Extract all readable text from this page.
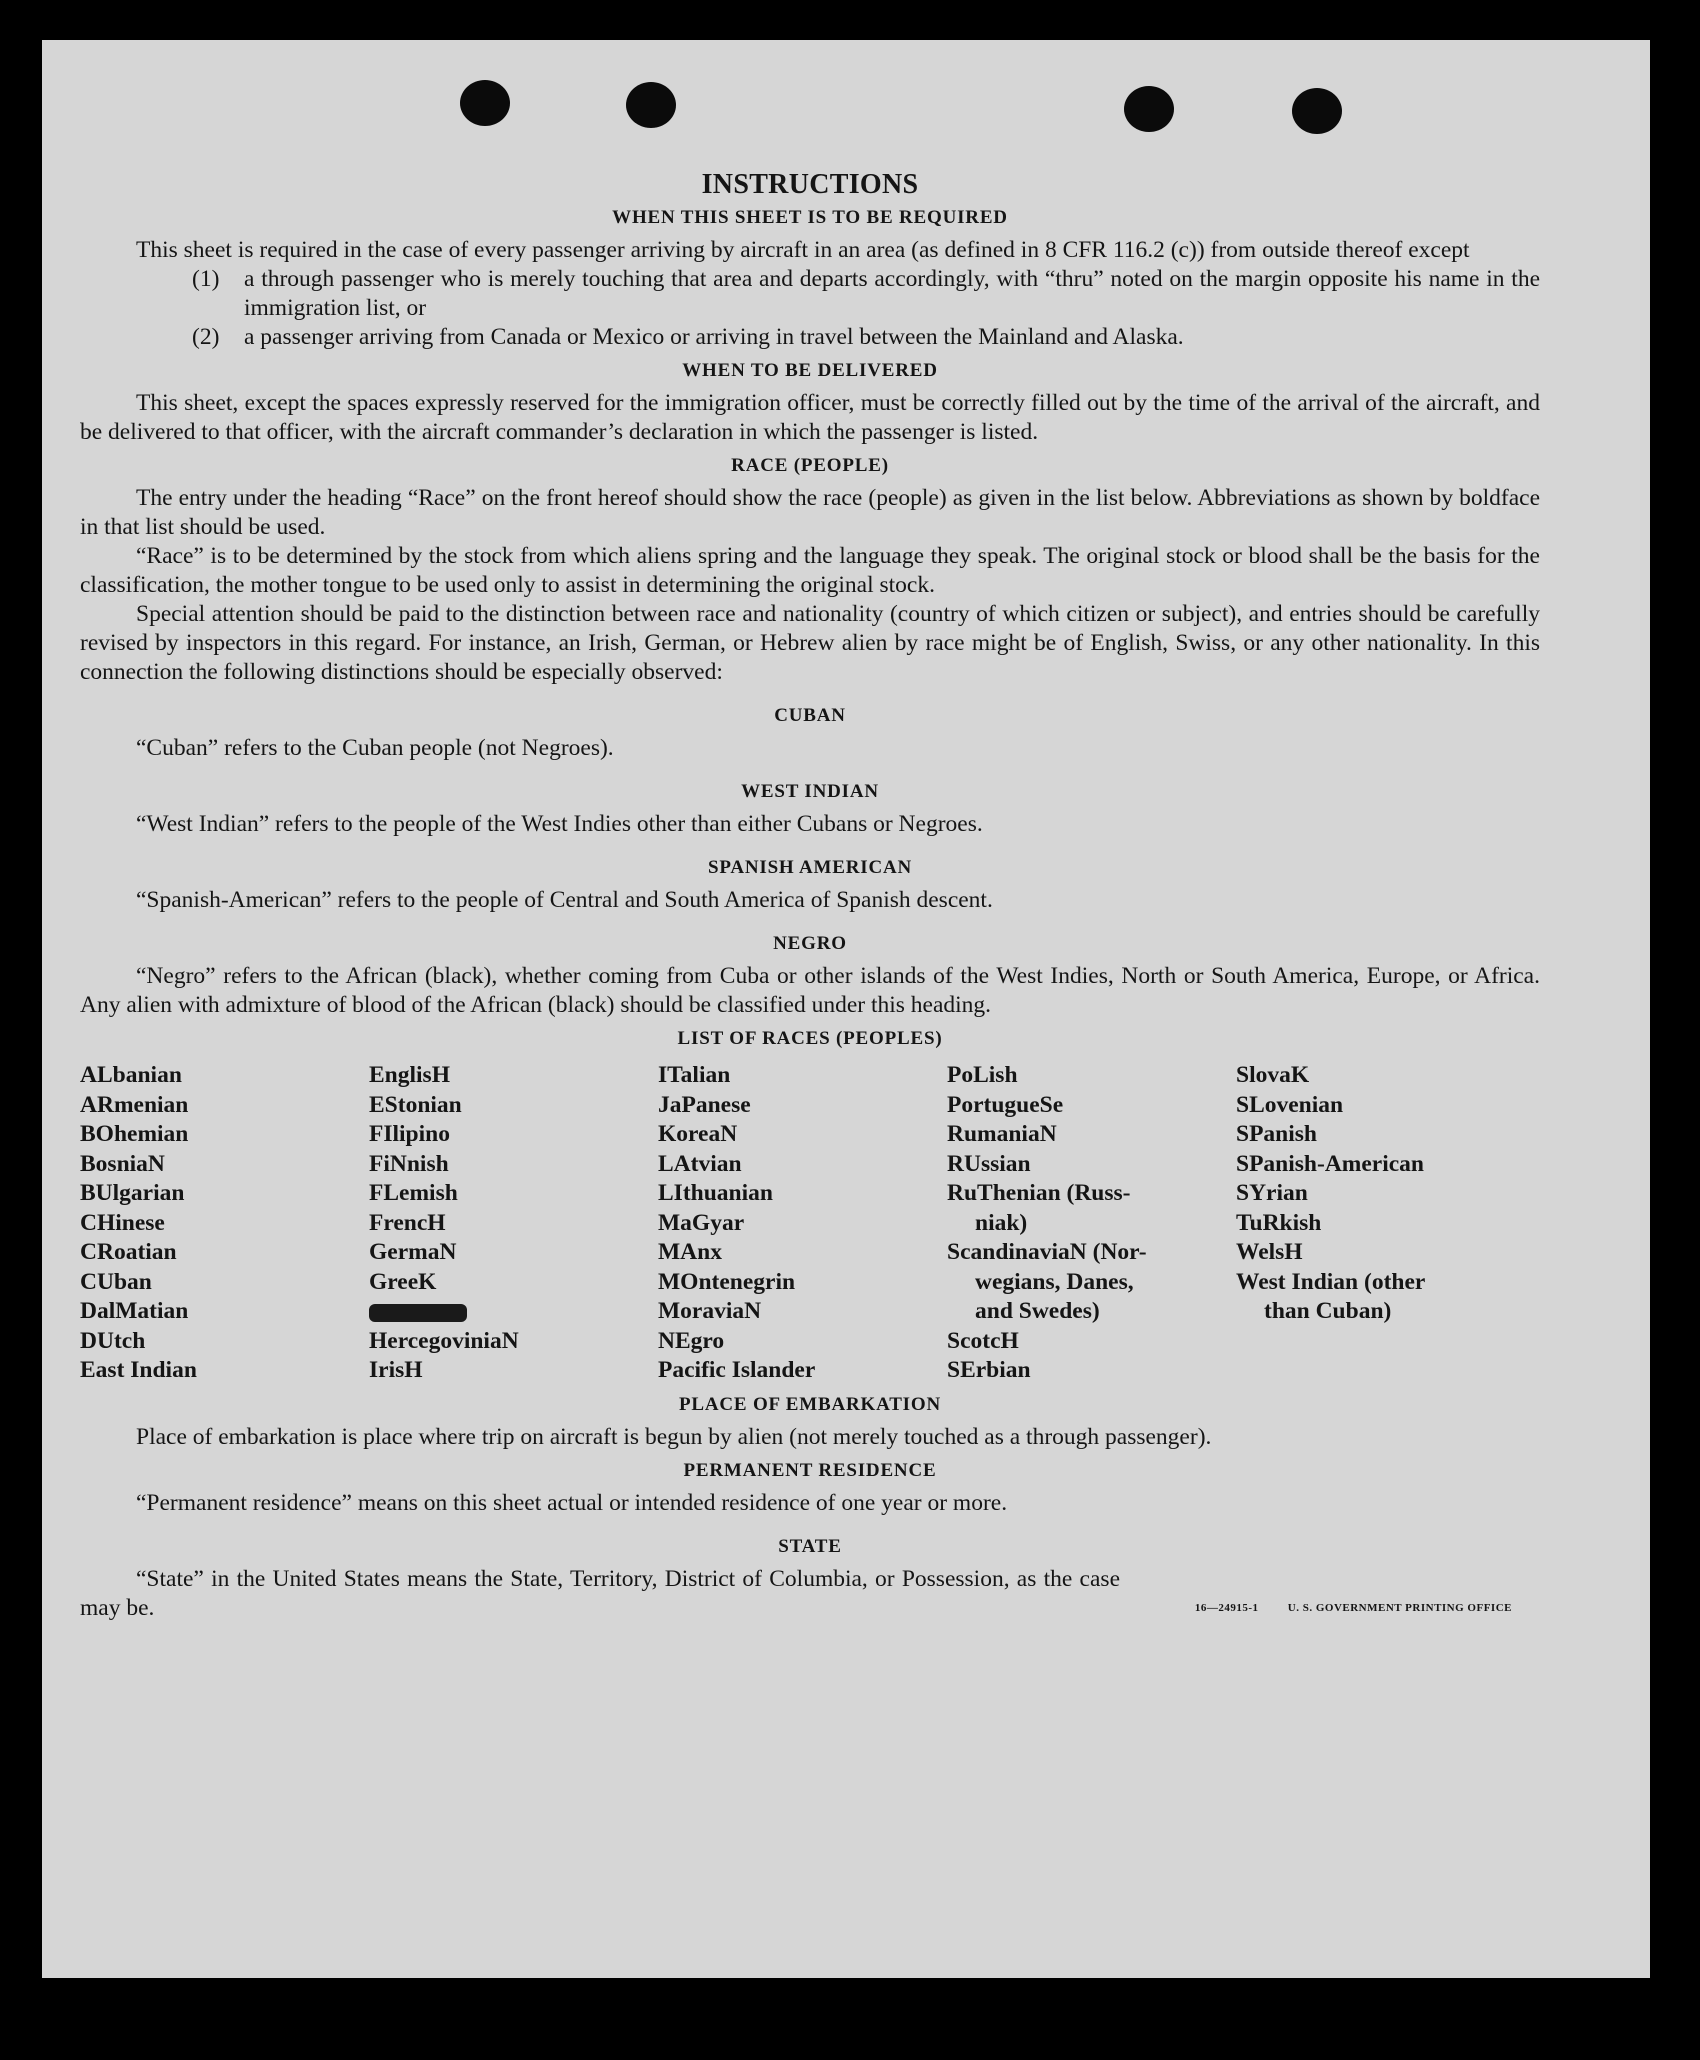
INSTRUCTIONS
WHEN THIS SHEET IS TO BE REQUIRED

This sheet is required in the case of every passenger arriving by aircraft in an area (as defined in 8 CFR 116.2 (c)) from outside thereof except

(1)	a through passenger who is merely touching that area and departs accordingly, with “thru” noted on the margin opposite his name in the immigration list, or
(2)	a passenger arriving from Canada or Mexico or arriving in travel between the Mainland and Alaska.
WHEN TO BE DELIVERED

This sheet, except the spaces expressly reserved for the immigration officer, must be correctly filled out by the time of the arrival of the aircraft, and be delivered to that officer, with the aircraft commander’s declaration in which the passenger is listed.

RACE (PEOPLE)

The entry under the heading “Race” on the front hereof should show the race (people) as given in the list below. Abbreviations as shown by boldface in that list should be used.

“Race” is to be determined by the stock from which aliens spring and the language they speak. The original stock or blood shall be the basis for the classification, the mother tongue to be used only to assist in determining the original stock.

Special attention should be paid to the distinction between race and nationality (country of which citizen or subject), and entries should be carefully revised by inspectors in this regard. For instance, an Irish, German, or Hebrew alien by race might be of English, Swiss, or any other nationality. In this connection the following distinctions should be especially observed:

CUBAN

“Cuban” refers to the Cuban people (not Negroes).

WEST INDIAN

“West Indian” refers to the people of the West Indies other than either Cubans or Negroes.

SPANISH AMERICAN

“Spanish-American” refers to the people of Central and South America of Spanish descent.

NEGRO

“Negro” refers to the African (black), whether coming from Cuba or other islands of the West Indies, North or South America, Europe, or Africa. Any alien with admixture of blood of the African (black) should be classified under this heading.

LIST OF RACES (PEOPLES)
ALbanian
ARmenian
BOhemian
BosniaN
BUlgarian
CHinese
CRoatian
CUban
DalMatian
DUtch
East Indian
EnglisH
EStonian
FIlipino
FiNnish
FLemish
FrencH
GermaN
GreeK
HercegoviniaN
IrisH
ITalian
JaPanese
KoreaN
LAtvian
LIthuanian
MaGyar
MAnx
MOntenegrin
MoraviaN
NEgro
Pacific Islander
PoLish
PortugueSe
RumaniaN
RUssian
RuThenian (Russ-
niak)
ScandinaviaN (Nor-
wegians, Danes,
and Swedes)
ScotcH
SErbian
SlovaK
SLovenian
SPanish
SPanish-American
SYrian
TuRkish
WelsH
West Indian (other
than Cuban)
PLACE OF EMBARKATION

Place of embarkation is place where trip on aircraft is begun by alien (not merely touched as a through passenger).

PERMANENT RESIDENCE

“Permanent residence” means on this sheet actual or intended residence of one year or more.

STATE

“State” in the United States means the State, Territory, District of Columbia, or Possession, as the case may be.	16—24915-1	U. S. GOVERNMENT PRINTING OFFICE
